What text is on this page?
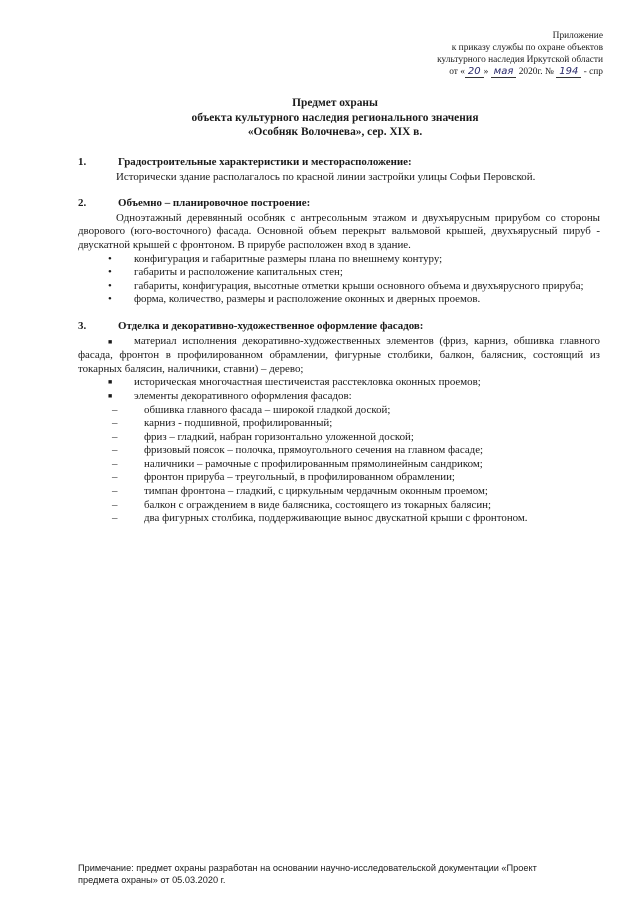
Приложение
к приказу службы по охране объектов
культурного наследия Иркутской области
от « 20 » мая 2020г. № 194 - спр
Предмет охраны
объекта культурного наследия регионального значения
«Особняк Волочнева», сер. XIX в.
1.	Градостроительные характеристики и месторасположение:

Исторически здание располагалось по красной линии застройки улицы Софьи Перовской.

2.	Объемно – планировочное построение:

Одноэтажный деревянный особняк с антресольным этажом и двухъярусным прирубом со стороны дворового (юго-восточного) фасада. Основной объем перекрыт вальмовой крышей, двухъярусный пируб - двускатной крышей с фронтоном. В прирубе расположен вход в здание.

•	конфигурация и габаритные размеры плана по внешнему контуру;
•	габариты и расположение капитальных стен;
• габариты, конфигурация, высотные отметки крыши основного объема и двухъярусного прируба;
•	форма, количество, размеры и расположение оконных и дверных проемов.
3.	Отделка и декоративно-художественное оформление фасадов:
■ материал исполнения декоративно-художественных элементов (фриз, карниз, обшивка главного фасада, фронтон в профилированном обрамлении, фигурные столбики, балкон, балясник, состоящий из токарных балясин, наличники, ставни) – дерево;
■	историческая многочастная шестичеистая расстекловка оконных проемов;
■	элементы декоративного оформления фасадов:
–	обшивка главного фасада – широкой гладкой доской;
–	карниз - подшивной, профилированный;
–	фриз – гладкий, набран горизонтально уложенной доской;
–	фризовый поясок – полочка, прямоугольного сечения на главном фасаде;
–	наличники – рамочные с профилированным прямолинейным сандриком;
–	фронтон прируба – треугольный, в профилированном обрамлении;
–	тимпан фронтона – гладкий, с циркульным чердачным оконным проемом;
–	балкон с ограждением в виде балясника, состоящего из токарных балясин;
–	два фигурных столбика, поддерживающие вынос двускатной крыши с фронтоном.
Примечание: предмет охраны разработан на основании научно-исследовательской документации «Проект
предмета охраны» от 05.03.2020 г.
